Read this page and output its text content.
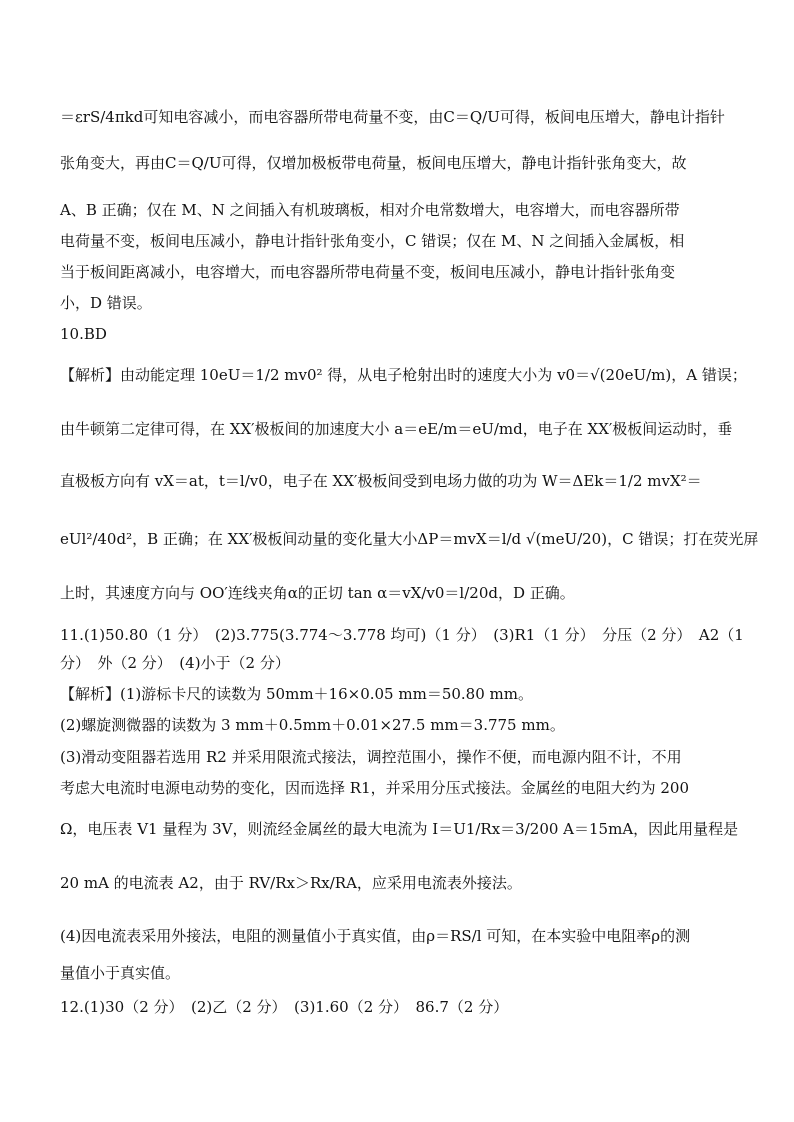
＝εrS/4πkd可知电容减小，而电容器所带电荷量不变，由C＝Q/U可得，板间电压增大，静电计指针
张角变大，再由C＝Q/U可得，仅增加极板带电荷量，板间电压增大，静电计指针张角变大，故
A、B 正确；仅在 M、N 之间插入有机玻璃板，相对介电常数增大，电容增大，而电容器所带
电荷量不变，板间电压减小，静电计指针张角变小，C 错误；仅在 M、N 之间插入金属板，相
当于板间距离减小，电容增大，而电容器所带电荷量不变，板间电压减小，静电计指针张角变
小，D 错误。
10.BD
【解析】由动能定理 10eU＝1/2 mv0² 得，从电子枪射出时的速度大小为 v0＝√(20eU/m)，A 错误；
由牛顿第二定律可得，在 XX′极板间的加速度大小 a＝eE/m＝eU/md，电子在 XX′极板间运动时，垂
直极板方向有 vX＝at，t＝l/v0，电子在 XX′极板间受到电场力做的功为 W＝ΔEk＝1/2 mvX²＝
eUl²/40d²，B 正确；在 XX′极板间动量的变化量大小ΔP＝mvX＝l/d √(meU/20)，C 错误；打在荧光屏
上时，其速度方向与 OO′连线夹角α的正切 tan α＝vX/v0＝l/20d，D 正确。
11.(1)50.80（1 分）　(2)3.775(3.774～3.778 均可)（1 分）　(3)R1（1 分）　分压（2 分）　A2（1
分）　外（2 分）　(4)小于（2 分）
【解析】(1)游标卡尺的读数为 50mm＋16×0.05 mm＝50.80 mm。
(2)螺旋测微器的读数为 3 mm＋0.5mm＋0.01×27.5 mm＝3.775 mm。
(3)滑动变阻器若选用 R2 并采用限流式接法，调控范围小，操作不便，而电源内阻不计，不用
考虑大电流时电源电动势的变化，因而选择 R1，并采用分压式接法。金属丝的电阻大约为 200
Ω，电压表 V1 量程为 3V，则流经金属丝的最大电流为 I＝U1/Rx＝3/200 A＝15mA，因此用量程是
20 mA 的电流表 A2，由于 RV/Rx＞Rx/RA，应采用电流表外接法。
(4)因电流表采用外接法，电阻的测量值小于真实值，由ρ＝RS/l 可知，在本实验中电阻率ρ的测
量值小于真实值。
12.(1)30（2 分）　(2)乙（2 分）　(3)1.60（2 分）　86.7（2 分）
